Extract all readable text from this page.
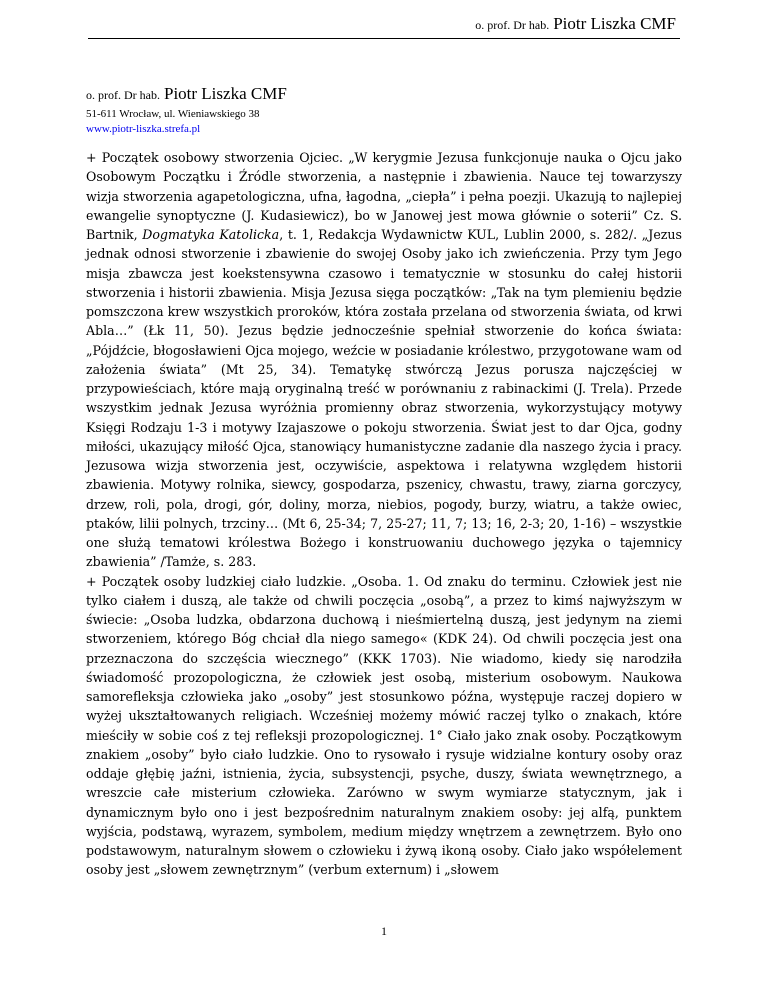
o. prof. Dr hab. Piotr Liszka CMF
o. prof. Dr hab. Piotr Liszka CMF
51-611 Wrocław, ul. Wieniawskiego 38
www.piotr-liszka.strefa.pl

+ Początek osobowy stworzenia Ojciec. „W kerygmie Jezusa funkcjonuje nauka o Ojcu jako Osobowym Początku i Źródle stworzenia, a następnie i zbawienia. Nauce tej towarzyszy wizja stworzenia agapetologiczna, ufna, łagodna, „ciepła” i pełna poezji. Ukazują to najlepiej ewangelie synoptyczne (J. Kudasiewicz), bo w Janowej jest mowa głównie o soterii” Cz. S. Bartnik, Dogmatyka Katolicka, t. 1, Redakcja Wydawnictw KUL, Lublin 2000, s. 282/. „Jezus jednak odnosi stworzenie i zbawienie do swojej Osoby jako ich zwieńczenia. Przy tym Jego misja zbawcza jest koekstensywna czasowo i tematycznie w stosunku do całej historii stworzenia i historii zbawienia. Misja Jezusa sięga początków: „Tak na tym plemieniu będzie pomszczona krew wszystkich proroków, która została przelana od stworzenia świata, od krwi Abla…” (Łk 11, 50). Jezus będzie jednocześnie spełniał stworzenie do końca świata: „Pójdźcie, błogosławieni Ojca mojego, weźcie w posiadanie królestwo, przygotowane wam od założenia świata” (Mt 25, 34). Tematykę stwórczą Jezus porusza najczęściej w przypowieściach, które mają oryginalną treść w porównaniu z rabinackimi (J. Trela). Przede wszystkim jednak Jezusa wyróżnia promienny obraz stworzenia, wykorzystujący motywy Księgi Rodzaju 1-3 i motywy Izajaszowe o pokoju stworzenia. Świat jest to dar Ojca, godny miłości, ukazujący miłość Ojca, stanowiący humanistyczne zadanie dla naszego życia i pracy. Jezusowa wizja stworzenia jest, oczywiście, aspektowa i relatywna względem historii zbawienia. Motywy rolnika, siewcy, gospodarza, pszenicy, chwastu, trawy, ziarna gorczycy, drzew, roli, pola, drogi, gór, doliny, morza, niebios, pogody, burzy, wiatru, a także owiec, ptaków, lilii polnych, trzciny… (Mt 6, 25-34; 7, 25-27; 11, 7; 13; 16, 2-3; 20, 1-16) – wszystkie one służą tematowi królestwa Bożego i konstruowaniu duchowego języka o tajemnicy zbawienia” /Tamże, s. 283.

+ Początek osoby ludzkiej ciało ludzkie. „Osoba. 1. Od znaku do terminu. Człowiek jest nie tylko ciałem i duszą, ale także od chwili poczęcia „osobą”, a przez to kimś najwyższym w świecie: „Osoba ludzka, obdarzona duchową i nieśmiertelną duszą, jest jedynym na ziemi stworzeniem, którego Bóg chciał dla niego samego« (KDK 24). Od chwili poczęcia jest ona przeznaczona do szczęścia wiecznego” (KKK 1703). Nie wiadomo, kiedy się narodziła świadomość prozopologiczna, że człowiek jest osobą, misterium osobowym. Naukowa samorefleksja człowieka jako „osoby” jest stosunkowo późna, występuje raczej dopiero w wyżej ukształtowanych religiach. Wcześniej możemy mówić raczej tylko o znakach, które mieściły w sobie coś z tej refleksji prozopologicznej. 1° Ciało jako znak osoby. Początkowym znakiem „osoby” było ciało ludzkie. Ono to rysowało i rysuje widzialne kontury osoby oraz oddaje głębię jaźni, istnienia, życia, subsystencji, psyche, duszy, świata wewnętrznego, a wreszcie całe misterium człowieka. Zarówno w swym wymiarze statycznym, jak i dynamicznym było ono i jest bezpośrednim naturalnym znakiem osoby: jej alfą, punktem wyjścia, podstawą, wyrazem, symbolem, medium między wnętrzem a zewnętrzem. Było ono podstawowym, naturalnym słowem o człowieku i żywą ikoną osoby. Ciało jako współelement osoby jest „słowem zewnętrznym” (verbum externum) i „słowem

1
